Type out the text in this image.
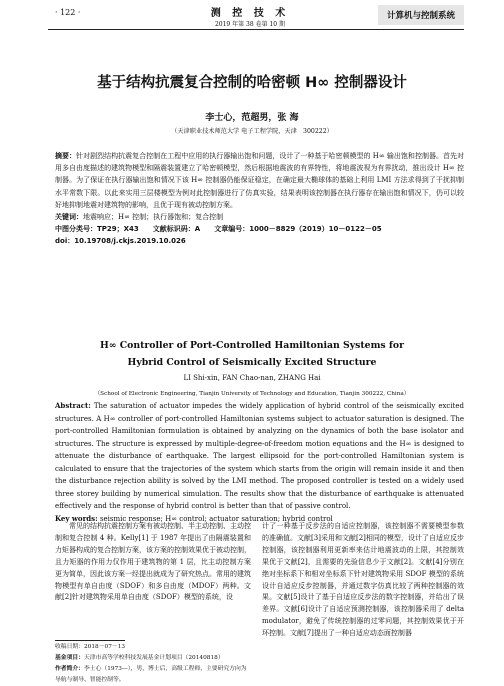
· 122 ·	测 控 技 术
2019 年第 38 卷第 10 期
计算机与控制系统
基于结构抗震复合控制的哈密顿 H∞ 控制器设计
李士心，范超男，张 海
（天津职业技术师范大学 电子工程学院，天津　300222）
摘要：针对剧烈结构抗震复合控制在工程中应用的执行器输出饱和问题，设计了一种基于哈密顿模型的 H∞ 输出饱和控制器。首先对用多自由度描述的建筑物模型和隔震装置建立了哈密顿模型，然后根据地震波的有界特性，将地震波视为有界扰动，推出设计 H∞ 控制器。为了保证在执行器输出饱和情况下该 H∞ 控制器仍能保证稳定，在确定最大椭球体的基础上利用 LMI 方法求得到了干扰抑制水平常数下限。以此来实用三层楼模型为例对此控制器进行了仿真实验，结果表明该控制器在执行器存在输出饱和情况下，仍可以较好地抑制地震对建筑物的影响，且优于现有被动控制方案。
关键词：地震响应；H∞ 控制；执行器饱和；复合控制
中图分类号：TP29；X43 文献标识码：A 文章编号：1000－8829（2019）10－0122－05
doi：10.19708/j.ckjs.2019.10.026
H∞ Controller of Port-Controlled Hamiltonian Systems for
Hybrid Control of Seismically Excited Structure
LI Shi-xin, FAN Chao-nan, ZHANG Hai
（School of Electronic Engineering, Tianjin University of Technology and Education, Tianjin 300222, China）
Abstract: The saturation of actuator impedes the widely application of hybrid control of the seismically excited structures. A H∞ controller of port-controlled Hamiltonian systems subject to actuator saturation is designed. The port-controlled Hamiltonian formulation is obtained by analyzing on the dynamics of both the base isolator and structures. The structure is expressed by multiple-degree-of-freedom motion equations and the H∞ is designed to attenuate the disturbance of earthquake. The largest ellipsoid for the port-controlled Hamiltonian system is calculated to ensure that the trajectories of the system which starts from the origin will remain inside it and then the disturbance rejection ability is solved by the LMI method. The proposed controller is tested on a widely used three storey building by numerical simulation. The results show that the disturbance of earthquake is attenuated effectively and the response of hybrid control is better than that of passive control.
Key words: seismic response; H∞ control; actuator saturation; hybrid control
常见的结构抗震控制方案有被动控制、半主动控制、主动控制和复合控制 4 种。Kelly[1] 于 1987 年提出了由隔震装置和力矩器构成的复合控制方案，该方案的控制效果优于被动控制，且力矩器的作用力仅作用于建筑物的第 1 层，比主动控制方案更为简单，因此该方案一经提出就成为了研究热点。常用的建筑物模型有单自由度（SDOF）和多自由度（MDOF）两种。文献[2]针对建筑物采用单自由度（SDOF）模型的系统，设
计了一种基于反步法的自适应控制器，该控制器不需要模型参数的准确值。文献[3]采用和文献[2]相同的模型，设计了自适应反步控制器，该控制器利用更新率来估计地震波动的上限，其控制效果优于文献[2]，且需要的先验信息少于文献[2]。文献[4]分别在绝对坐标系下和相对坐标系下针对建筑物采用 SDOF 模型的系统设计自适应反步控制器，并通过数字仿真比较了两种控制器的效果。文献[5]设计了基于自适应反步法的数字控制器，并给出了误差界。文献[6]设计了自适应预测控制器，该控制器采用了 delta modulator，避免了传统控制器的过零问题，其控制效果优于开环控制。文献[7]提出了一种自适应动态面控制器
收稿日期：2018－07－13
基金项目：天津市高等学校科技发展基金计划项目（20140818）
作者简介：李士心（1973—），男，博士后，高级工程师，主要研究方向为导航与制导、智能控制等。
